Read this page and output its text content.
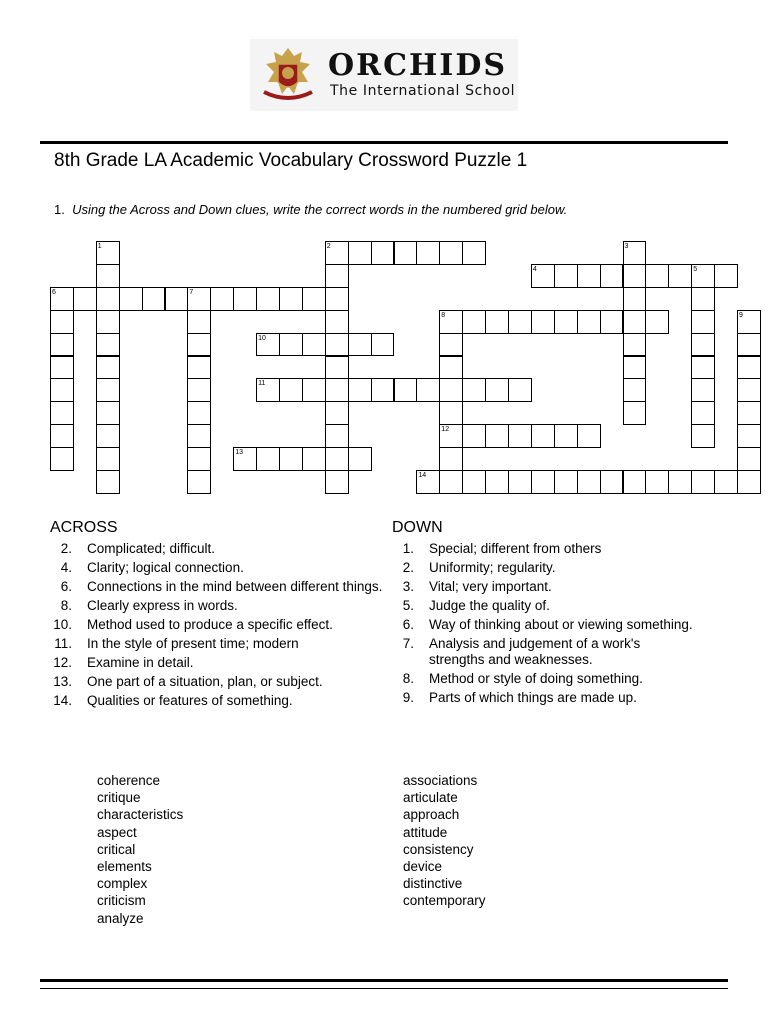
ORCHIDS
The International School
8th Grade LA Academic Vocabulary Crossword Puzzle 1
1. Using the Across and Down clues, write the correct words in the numbered grid below.
1	2	3
4	5
6	7
8
12
9
10
11
13
14
ACROSS
2. Complicated; difficult.
4. Clarity; logical connection.
6. Connections in the mind between different things.
8. Clearly express in words.
10. Method used to produce a specific effect.
11. In the style of present time; modern
12. Examine in detail.
13. One part of a situation, plan, or subject.
14. Qualities or features of something.
DOWN
1. Special; different from others
2. Uniformity; regularity.
3. Vital; very important.
5. Judge the quality of.
6. Way of thinking about or viewing something.
7. Analysis and judgement of a work's strengths and weaknesses.
8. Method or style of doing something.
9. Parts of which things are made up.
coherence
critique
characteristics
aspect
critical
elements
complex
criticism
analyze
associations
articulate
approach
attitude
consistency
device
distinctive
contemporary
